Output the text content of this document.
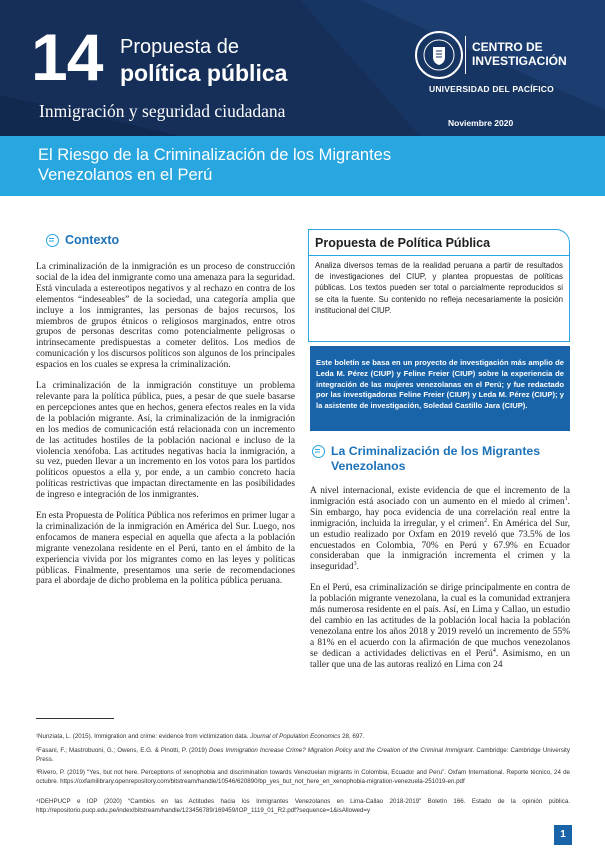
14 Propuesta de
política pública
Inmigración y seguridad ciudadana
CENTRO DE
INVESTIGACIÓN
UNIVERSIDAD DEL PACÍFICO
Noviembre 2020
El Riesgo de la Criminalización de los Migrantes Venezolanos en el Perú
Contexto

La criminalización de la inmigración es un proceso de construcción social de la idea del inmigrante como una amenaza para la seguridad. Está vinculada a estereotipos negativos y al rechazo en contra de los elementos “indeseables” de la sociedad, una categoría amplia que incluye a los inmigrantes, las personas de bajos recursos, los miembros de grupos étnicos o religiosos marginados, entre otros grupos de personas descritas como potencialmente peligrosas o intrínsecamente predispuestas a cometer delitos. Los medios de comunicación y los discursos políticos son algunos de los principales espacios en los cuales se expresa la criminalización.

La criminalización de la inmigración constituye un problema relevante para la política pública, pues, a pesar de que suele basarse en percepciones antes que en hechos, genera efectos reales en la vida de la población migrante. Así, la criminalización de la inmigración en los medios de comunicación está relacionada con un incremento de las actitudes hostiles de la población nacional e incluso de la violencia xenófoba. Las actitudes negativas hacia la inmigración, a su vez, pueden llevar a un incremento en los votos para los partidos políticos opuestos a ella y, por ende, a un cambio concreto hacia políticas restrictivas que impactan directamente en las posibilidades de ingreso e integración de los inmigrantes.

En esta Propuesta de Política Pública nos referimos en primer lugar a la criminalización de la inmigración en América del Sur. Luego, nos enfocamos de manera especial en aquella que afecta a la población migrante venezolana residente en el Perú, tanto en el ámbito de la experiencia vivida por los migrantes como en las leyes y políticas públicas. Finalmente, presentamos una serie de recomendaciones para el abordaje de dicho problema en la política pública peruana.

Propuesta de Política Pública
Analiza diversos temas de la realidad peruana a partir de resultados de investigaciones del CIUP, y plantea propuestas de políticas públicas. Los textos pueden ser total o parcialmente reproducidos si se cita la fuente. Su contenido no refleja necesariamente la posición institucional del CIUP.
Este boletín se basa en un proyecto de investigación más amplio de Leda M. Pérez (CIUP) y Feline Freier (CIUP) sobre la experiencia de integración de las mujeres venezolanas en el Perú; y fue redactado por las investigadoras Feline Freier (CIUP) y Leda M. Pérez (CIUP); y la asistente de investigación, Soledad Castillo Jara (CIUP).
La Criminalización de los Migrantes Venezolanos

A nivel internacional, existe evidencia de que el incremento de la inmigración está asociado con un aumento en el miedo al crimen$^1$. Sin embargo, hay poca evidencia de una correlación real entre la inmigración, incluida la irregular, y el crimen$^2$. En América del Sur, un estudio realizado por Oxfam en 2019 reveló que 73.5% de los encuestados en Colombia, 70% en Perú y 67.9% en Ecuador consideraban que la inmigración incrementa el crimen y la inseguridad$^3$.

En el Perú, esa criminalización se dirige principalmente en contra de la población migrante venezolana, la cual es la comunidad extranjera más numerosa residente en el país. Así, en Lima y Callao, un estudio del cambio en las actitudes de la población local hacia la población venezolana entre los años 2018 y 2019 reveló un incremento de 55% a 81% en el acuerdo con la afirmación de que muchos venezolanos se dedican a actividades delictivas en el Perú$^4$. Asimismo, en un taller que una de las autoras realizó en Lima con 24

¹Nunziata, L. (2015). Immigration and crime: evidence from victimization data. Journal of Population Economics 28, 697.
²Fasani, F.; Mastrobuoni, G.; Owens, E.G. & Pinotti, P. (2019) Does Immigration Increase Crime? Migration Policy and the Creation of the Criminal Immigrant. Cambridge: Cambridge University Press.
³Rivero, P. (2019) “Yes, but not here. Perceptions of xenophobia and discrimination towards Venezuelan migrants in Colombia, Ecuador and Peru”. Oxfam International. Reporte técnico, 24 de octubre. https://oxfamilibrary.openrepository.com/bitstream/handle/10546/620890/bp_yes_but_not_here_en_xenophobia-migration-venezuela-251019-en.pdf
⁴IDEHPUCP e IOP (2020) “Cambios en las Actitudes hacia los Inmigrantes Venezolanos en Lima-Callao 2018-2019” Boletín 166. Estado de la opinión pública. http://repositorio.pucp.edu.pe/index/bitstream/handle/123456789/169459/IOP_1119_01_R2.pdf?sequence=1&isAllowed=y
1
